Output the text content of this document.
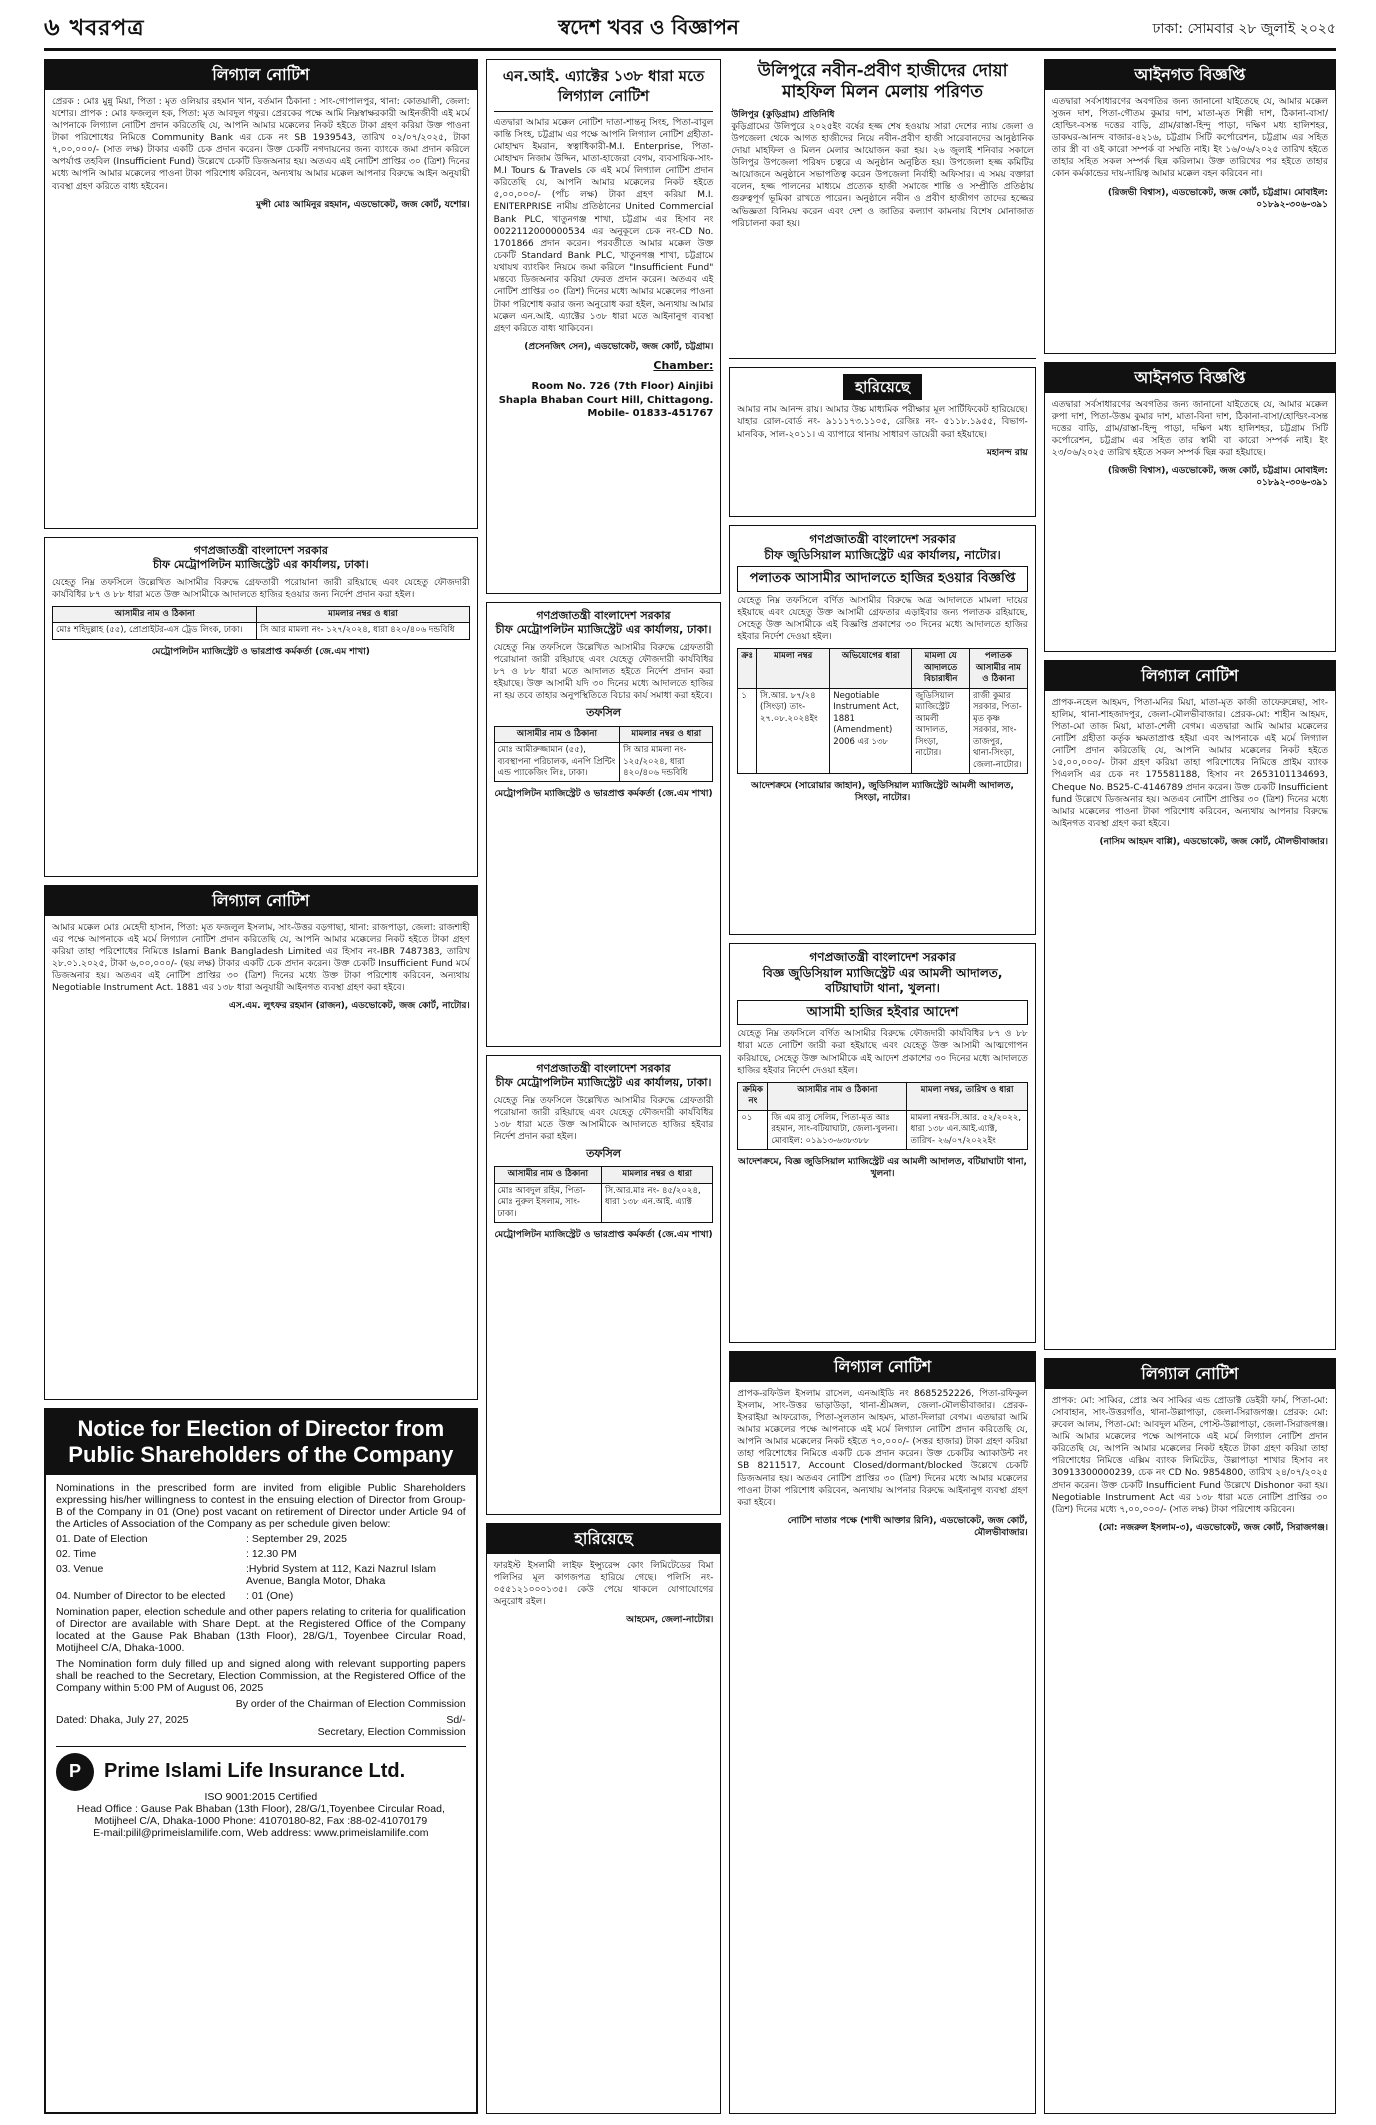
৬ খবরপত্র	স্বদেশ খবর ও বিজ্ঞাপন	ঢাকা: সোমবার ২৮ জুলাই ২০২৫
লিগ্যাল নোটিশ
প্রেরক : মোঃ মুন্নু মিয়া, পিতা : মৃত ওলিয়ার রহমান খান, বর্তমান ঠিকানা : সাং-গোপালপুর, থানা: কোতয়ালী, জেলা: যশোর। প্রাপক : মোঃ ফজলুল হক, পিতা: মৃত আবদুল গফুর। প্রেরকের পক্ষে আমি নিম্নস্বাক্ষরকারী আইনজীবী এই মর্মে আপনাকে লিগ্যাল নোটিশ প্রদান করিতেছি যে, আপনি আমার মক্কেলের নিকট হইতে টাকা গ্রহণ করিয়া উক্ত পাওনা টাকা পরিশোধের নিমিত্তে Community Bank এর চেক নং SB 1939543, তারিখ ০২/০৭/২০২৫, টাকা ৭,০০,০০০/- (সাত লক্ষ) টাকার একটি চেক প্রদান করেন। উক্ত চেকটি নগদায়নের জন্য ব্যাংকে জমা প্রদান করিলে অপর্যাপ্ত তহবিল (Insufficient Fund) উল্লেখে চেকটি ডিজঅনার হয়। অতএব এই নোটিশ প্রাপ্তির ৩০ (ত্রিশ) দিনের মধ্যে আপনি আমার মক্কেলের পাওনা টাকা পরিশোধ করিবেন, অন্যথায় আমার মক্কেল আপনার বিরুদ্ধে আইন অনুযায়ী ব্যবস্থা গ্রহণ করিতে বাধ্য হইবেন।
মুন্সী মোঃ আমিনুর রহমান, এডভোকেট, জজ কোর্ট, যশোর।
গণপ্রজাতন্ত্রী বাংলাদেশ সরকার
চীফ মেট্রোপলিটন ম্যাজিস্ট্রেট এর কার্যালয়, ঢাকা।
যেহেতু নিম্ন তফসিলে উল্লেখিত আসামীর বিরুদ্ধে গ্রেফতারী পরোয়ানা জারী রহিয়াছে এবং যেহেতু ফৌজদারী কার্যবিধির ৮৭ ও ৮৮ ধারা মতে উক্ত আসামীকে আদালতে হাজির হওয়ার জন্য নির্দেশ প্রদান করা হইল।
আসামীর নাম ও ঠিকানা	মামলার নম্বর ও ধারা
মোঃ শহিদুল্লাহ (৫৫), প্রোপ্রাইটর-এস ট্রেড লিংক, ঢাকা।	সি আর মামলা নং- ১২৭/২০২৪, ধারা ৪২০/৪০৬ দন্ডবিধি
মেট্রোপলিটন ম্যাজিস্ট্রেট ও ভারপ্রাপ্ত কর্মকর্তা (জে.এম শাখা)
লিগ্যাল নোটিশ
আমার মক্কেল মোঃ মেহেদী হাসান, পিতা: মৃত ফজলুল ইসলাম, সাং-উত্তর বড়গাছা, থানা: রাজপাড়া, জেলা: রাজশাহী এর পক্ষে আপনাকে এই মর্মে লিগ্যাল নোটিশ প্রদান করিতেছি যে, আপনি আমার মক্কেলের নিকট হইতে টাকা গ্রহণ করিয়া তাহা পরিশোধের নিমিত্তে Islami Bank Bangladesh Limited এর হিসাব নং-IBR 7487383, তারিখ ২৮.০১.২০২৫, টাকা ৬,০০,০০০/- (ছয় লক্ষ) টাকার একটি চেক প্রদান করেন। উক্ত চেকটি Insufficient Fund মর্মে ডিজঅনার হয়। অতএব এই নোটিশ প্রাপ্তির ৩০ (ত্রিশ) দিনের মধ্যে উক্ত টাকা পরিশোধ করিবেন, অন্যথায় Negotiable Instrument Act. 1881 এর ১৩৮ ধারা অনুযায়ী আইনগত ব্যবস্থা গ্রহণ করা হইবে।
এস.এম. লুৎফর রহমান (রাজন), এডভোকেট, জজ কোর্ট, নাটোর।
Notice for Election of Director from Public Shareholders of the Company
Nominations in the prescribed form are invited from eligible Public Shareholders expressing his/her willingness to contest in the ensuing election of Director from Group-B of the Company in 01 (One) post vacant on retirement of Director under Article 94 of the Articles of Association of the Company as per schedule given below:
01. Date of Election	: September 29, 2025
02. Time	: 12.30 PM
03. Venue	:Hybrid System at 112, Kazi Nazrul Islam Avenue, Bangla Motor, Dhaka
04. Number of Director to be elected	: 01 (One)
Nomination paper, election schedule and other papers relating to criteria for qualification of Director are available with Share Dept. at the Registered Office of the Company located at the Gause Pak Bhaban (13th Floor), 28/G/1, Toyenbee Circular Road, Motijheel C/A, Dhaka-1000.
The Nomination form duly filled up and signed along with relevant supporting papers shall be reached to the Secretary, Election Commission, at the Registered Office of the Company within 5:00 PM of August 06, 2025
By order of the Chairman of Election Commission
Dated: Dhaka, July 27, 2025	Sd/-
Secretary, Election Commission
P	Prime Islami Life Insurance Ltd.
ISO 9001:2015 Certified
Head Office : Gause Pak Bhaban (13th Floor), 28/G/1,Toyenbee Circular Road, Motijheel C/A, Dhaka-1000 Phone: 41070180-82, Fax :88-02-41070179
E-mail:pilil@primeislamilife.com, Web address: www.primeislamilife.com
এন.আই. এ্যাক্টের ১৩৮ ধারা মতে লিগ্যাল নোটিশ
এতদ্বারা আমার মক্কেল নোটিশ দাতা-শান্তনু সিংহ, পিতা-বাবুল কান্তি সিংহ, চট্টগ্রাম এর পক্ষে আপনি লিগ্যাল নোটিশ গ্রহীতা-মোহাম্মদ ইমরান, স্বত্বাধিকারী-M.I. Enterprise, পিতা-মোহাম্মদ নিজাম উদ্দিন, মাতা-হাজেরা বেগম, ব্যবসায়িক-সাং-M.I Tours & Travels কে এই মর্মে লিগ্যাল নোটিশ প্রদান করিতেছি যে, আপনি আমার মক্কেলের নিকট হইতে ৫,০০,০০০/- (পাঁচ লক্ষ) টাকা গ্রহণ করিয়া M.I. ENITERPRISE নামীয় প্রতিষ্ঠানের United Commercial Bank PLC, খাতুনগঞ্জ শাখা, চট্টগ্রাম এর হিসাব নং 0022112000000534 এর অনুকূলে চেক নং-CD No. 1701866 প্রদান করেন। পরবর্তীতে আমার মক্কেল উক্ত চেকটি Standard Bank PLC, খাতুনগঞ্জ শাখা, চট্টগ্রামে যথাযথ ব্যাংকিং নিয়মে জমা করিলে "Insufficient Fund" মন্তব্যে ডিজঅনার করিয়া ফেরত প্রদান করেন। অতএব এই নোটিশ প্রাপ্তির ৩০ (ত্রিশ) দিনের মধ্যে আমার মক্কেলের পাওনা টাকা পরিশোধ করার জন্য অনুরোধ করা হইল, অন্যথায় আমার মক্কেল এন.আই. এ্যাক্টের ১৩৮ ধারা মতে আইনানুগ ব্যবস্থা গ্রহণ করিতে বাধ্য থাকিবেন।
(প্রসেনজিৎ সেন), এডভোকেট, জজ কোর্ট, চট্টগ্রাম।
Chamber:
Room No. 726 (7th Floor) Ainjibi Shapla Bhaban Court Hill, Chittagong. Mobile- 01833-451767
গণপ্রজাতন্ত্রী বাংলাদেশ সরকার
চীফ মেট্রোপলিটন ম্যাজিস্ট্রেট এর কার্যালয়, ঢাকা।
যেহেতু নিম্ন তফসিলে উল্লেখিত আসামীর বিরুদ্ধে গ্রেফতারী পরোয়ানা জারী রহিয়াছে এবং যেহেতু ফৌজদারী কার্যবিধির ৮৭ ও ৮৮ ধারা মতে আদালত হইতে নির্দেশ প্রদান করা হইয়াছে। উক্ত আসামী যদি ৩০ দিনের মধ্যে আদালতে হাজির না হয় তবে তাহার অনুপস্থিতিতে বিচার কার্য সমাধা করা হইবে।
তফসিল
আসামীর নাম ও ঠিকানা	মামলার নম্বর ও ধারা
মোঃ আমীরুজ্জামান (৫৫), ব্যবস্থাপনা পরিচালক, এনপি প্রিন্টিং এন্ড প্যাকেজিং লিঃ, ঢাকা।	সি আর মামলা নং- ১২৫/২০২৪, ধারা ৪২০/৪০৬ দন্ডবিধি
মেট্রোপলিটন ম্যাজিস্ট্রেট ও ভারপ্রাপ্ত কর্মকর্তা (জে.এম শাখা)
গণপ্রজাতন্ত্রী বাংলাদেশ সরকার
চীফ মেট্রোপলিটন ম্যাজিস্ট্রেট এর কার্যালয়, ঢাকা।
যেহেতু নিম্ন তফসিলে উল্লেখিত আসামীর বিরুদ্ধে গ্রেফতারী পরোয়ানা জারী রহিয়াছে এবং যেহেতু ফৌজদারী কার্যবিধির ১৩৮ ধারা মতে উক্ত আসামীকে আদালতে হাজির হইবার নির্দেশ প্রদান করা হইল।
তফসিল
আসামীর নাম ও ঠিকানা	মামলার নম্বর ও ধারা
মোঃ আবদুল রহিম, পিতা-মোঃ নুরুল ইসলাম, সাং-ঢাকা।	সি.আর.মাঃ নং- ৪৫/২০২৪, ধারা ১৩৮ এন.আই. এ্যাক্ট
মেট্রোপলিটন ম্যাজিস্ট্রেট ও ভারপ্রাপ্ত কর্মকর্তা (জে.এম শাখা)
হারিয়েছে
ফারইস্ট ইসলামী লাইফ ইন্স্যুরেন্স কোং লিমিটেডের বিমা পলিসির মূল কাগজপত্র হারিয়ে গেছে। পলিসি নং- ০৫৫১২১০০০১৩৫। কেউ পেয়ে থাকলে যোগাযোগের অনুরোধ রইল।
আহমেদ, জেলা-নাটোর।
উলিপুরে নবীন-প্রবীণ হাজীদের দোয়া মাহফিল মিলন মেলায় পরিণত
উলিপুর (কুড়িগ্রাম) প্রতিনিধি
কুড়িগ্রামের উলিপুরে ২০২৫ইং বর্ষের হজ্জ শেষ হওয়ায় সারা দেশের ন্যায় জেলা ও উপজেলা থেকে আগত হাজীদের নিয়ে নবীন-প্রবীণ হাজী সারেবানদের আনুষ্ঠানিক দোয়া মাহফিল ও মিলন মেলার আয়োজন করা হয়। ২৬ জুলাই শনিবার সকালে উলিপুর উপজেলা পরিষদ চত্বরে এ অনুষ্ঠান অনুষ্ঠিত হয়। উপজেলা হজ্জ কমিটির আয়োজনে অনুষ্ঠানে সভাপতিত্ব করেন উপজেলা নির্বাহী অফিসার। এ সময় বক্তারা বলেন, হজ্জ পালনের মাধ্যমে প্রত্যেক হাজী সমাজে শান্তি ও সম্প্রীতি প্রতিষ্ঠায় গুরুত্বপূর্ণ ভূমিকা রাখতে পারেন। অনুষ্ঠানে নবীন ও প্রবীণ হাজীগণ তাদের হজ্জের অভিজ্ঞতা বিনিময় করেন এবং দেশ ও জাতির কল্যাণ কামনায় বিশেষ মোনাজাত পরিচালনা করা হয়।
হারিয়েছে
আমার নাম আনন্দ রায়। আমার উচ্চ মাধ্যমিক পরীক্ষার মূল সার্টিফিকেট হারিয়েছে। যাহার রোল-বোর্ড নং- ৯১১১৭৩.১১০৫, রেজিঃ নং- ৫১১৮.১৯৫৫, বিভাগ-মানবিক, সাল-২০১১। এ ব্যাপারে থানায় সাধারণ ডায়েরী করা হইয়াছে।
মহানন্দ রায়
গণপ্রজাতন্ত্রী বাংলাদেশ সরকার
চীফ জুডিসিয়াল ম্যাজিস্ট্রেট এর কার্যালয়, নাটোর।
পলাতক আসামীর আদালতে হাজির হওয়ার বিজ্ঞপ্তি
যেহেতু নিম্ন তফসিলে বর্ণিত আসামীর বিরুদ্ধে অত্র আদালতে মামলা দায়ের হইয়াছে এবং যেহেতু উক্ত আসামী গ্রেফতার এড়াইবার জন্য পলাতক রহিয়াছে, সেহেতু উক্ত আসামীকে এই বিজ্ঞপ্তি প্রকাশের ৩০ দিনের মধ্যে আদালতে হাজির হইবার নির্দেশ দেওয়া হইল।
ক্রঃ	মামলা নম্বর	অভিযোগের ধারা	মামলা যে আদালতে বিচারাধীন	পলাতক আসামীর নাম ও ঠিকানা
১	সি.আর. ৮৭/২৪ (সিংড়া) তাং- ২৭.০৮.২০২৪ইং	Negotiable Instrument Act, 1881 (Amendment) 2006 এর ১৩৮	জুডিসিয়াল ম্যাজিস্ট্রেট আমলী আদালত, সিংড়া, নাটোর।	রাজী কুমার সরকার, পিতা-মৃত কৃষ্ণ সরকার, সাং-তাজপুর, থানা-সিংড়া, জেলা-নাটোর।
আদেশক্রমে (সারোয়ার জাহান), জুডিসিয়াল ম্যাজিস্ট্রেট আমলী আদালত, সিংড়া, নাটোর।
গণপ্রজাতন্ত্রী বাংলাদেশ সরকার
বিজ্ঞ জুডিসিয়াল ম্যাজিস্ট্রেট এর আমলী আদালত, বটিয়াঘাটা থানা, খুলনা।
আসামী হাজির হইবার আদেশ
যেহেতু নিম্ন তফসিলে বর্ণিত আসামীর বিরুদ্ধে ফৌজদারী কার্যবিধির ৮৭ ও ৮৮ ধারা মতে নোটিশ জারী করা হইয়াছে এবং যেহেতু উক্ত আসামী আত্মগোপন করিয়াছে, সেহেতু উক্ত আসামীকে এই আদেশ প্রকাশের ৩০ দিনের মধ্যে আদালতে হাজির হইবার নির্দেশ দেওয়া হইল।
ক্রমিক নং	আসামীর নাম ও ঠিকানা	মামলা নম্বর, তারিখ ও ধারা
০১	জি এম রাসু সেলিম, পিতা-মৃত আঃ রহমান, সাং-বটিয়াঘাটা, জেলা-খুলনা। মোবাইল: ০১৯১৩-৬৩৮৩৮৮	মামলা নম্বর-সি.আর. ৫২/২০২২, ধারা ১৩৮ এন.আই.এ্যাক্ট, তারিখ- ২৬/০৭/২০২২ইং
আদেশক্রমে, বিজ্ঞ জুডিসিয়াল ম্যাজিস্ট্রেট এর আমলী আদালত, বটিয়াঘাটা থানা, খুলনা।
লিগ্যাল নোটিশ
প্রাপক-রফিউল ইসলাম রাসেল, এনআইডি নং 8685252226, পিতা-রফিকুল ইসলাম, সাং-উত্তর ভাড়াউড়া, থানা-শ্রীমঙ্গল, জেলা-মৌলভীবাজার। প্রেরক-ইসরাইয়া আফরোজ, পিতা-সুলতান আহমদ, মাতা-দিলারা বেগম। এতদ্বারা আমি আমার মক্কেলের পক্ষে আপনাকে এই মর্মে লিগ্যাল নোটিশ প্রদান করিতেছি যে, আপনি আমার মক্কেলের নিকট হইতে ৭০,০০০/- (সত্তর হাজার) টাকা গ্রহণ করিয়া তাহা পরিশোধের নিমিত্তে একটি চেক প্রদান করেন। উক্ত চেকটির অ্যাকাউন্ট নং SB 8211517, Account Closed/dormant/blocked উল্লেখে চেকটি ডিজঅনার হয়। অতএব নোটিশ প্রাপ্তির ৩০ (ত্রিশ) দিনের মধ্যে আমার মক্কেলের পাওনা টাকা পরিশোধ করিবেন, অন্যথায় আপনার বিরুদ্ধে আইনানুগ ব্যবস্থা গ্রহণ করা হইবে।
নোটিশ দাতার পক্ষে (শাখী আক্তার রিনি), এডভোকেট, জজ কোর্ট, মৌলভীবাজার।
আইনগত বিজ্ঞপ্তি
এতদ্বারা সর্বসাধারণের অবগতির জন্য জানানো যাইতেছে যে, আমার মক্কেল সুজন দাশ, পিতা-গৌতম কুমার দাশ, মাতা-মৃত শিল্পী দাশ, ঠিকানা-বাসা/হোল্ডিং-বসন্ত দত্তের বাড়ি, গ্রাম/রাস্তা-হিন্দু পাড়া, দক্ষিণ মধ্য হালিশহর, ডাকঘর-আনন্দ বাজার-৪২১৬, চট্টগ্রাম সিটি কর্পোরেশন, চট্টগ্রাম এর সহিত তার স্ত্রী বা ওই কারো সম্পর্ক বা সম্মতি নাই। ইং ১৬/০৬/২০২৫ তারিখ হইতে তাহার সহিত সকল সম্পর্ক ছিন্ন করিলাম। উক্ত তারিখের পর হইতে তাহার কোন কর্মকান্ডের দায়-দায়িত্ব আমার মক্কেল বহন করিবেন না।
(রিজভী বিশ্বাস), এডভোকেট, জজ কোর্ট, চট্টগ্রাম। মোবাইল: ০১৮৯২-৩০৬-৩৯১
আইনগত বিজ্ঞপ্তি
এতদ্বারা সর্বসাধারণের অবগতির জন্য জানানো যাইতেছে যে, আমার মক্কেল রুপা দাশ, পিতা-উত্তম কুমার দাশ, মাতা-বিনা দাশ, ঠিকানা-বাসা/হোল্ডিং-বসন্ত দত্তের বাড়ি, গ্রাম/রাস্তা-হিন্দু পাড়া, দক্ষিণ মধ্য হালিশহর, চট্টগ্রাম সিটি কর্পোরেশন, চট্টগ্রাম এর সহিত তার স্বামী বা কারো সম্পর্ক নাই। ইং ২৩/০৬/২০২৫ তারিখ হইতে সকল সম্পর্ক ছিন্ন করা হইয়াছে।
(রিজভী বিশ্বাস), এডভোকেট, জজ কোর্ট, চট্টগ্রাম। মোবাইল: ০১৮৯২-৩০৬-৩৯১
লিগ্যাল নোটিশ
প্রাপক-নহেল আহমদ, পিতা-মনির মিয়া, মাতা-মৃত কাজী তাফেরুন্নেছা, সাং-হালিম, থানা-শাহজাদপুর, জেলা-মৌলভীবাজার। প্রেরক-মো: শাহীন আহমদ, পিতা-মো তাজ মিয়া, মাতা-শেলী বেগম। এতদ্বারা আমি আমার মক্কেলের নোটিশ গ্রহীতা কর্তৃক ক্ষমতাপ্রাপ্ত হইয়া এবং আপনাকে এই মর্মে লিগ্যাল নোটিশ প্রদান করিতেছি যে, আপনি আমার মক্কেলের নিকট হইতে ১৫,০০,০০০/- টাকা গ্রহণ করিয়া তাহা পরিশোধের নিমিত্তে প্রাইম ব্যাংক পিএলসি এর চেক নং 175581188, হিসাব নং 2653101134693, Cheque No. BS25-C-4146789 প্রদান করেন। উক্ত চেকটি Insufficient fund উল্লেখে ডিজঅনার হয়। অতএব নোটিশ প্রাপ্তির ৩০ (ত্রিশ) দিনের মধ্যে আমার মক্কেলের পাওনা টাকা পরিশোধ করিবেন, অন্যথায় আপনার বিরুদ্ধে আইনগত ব্যবস্থা গ্রহণ করা হইবে।
(নাসিম আহমদ বাপ্পি), এডভোকেট, জজ কোর্ট, মৌলভীবাজার।
লিগ্যাল নোটিশ
প্রাপক: মো: সাব্বির, প্রোঃ অব সাব্বির এন্ড প্রোডাক্ট ডেইরী ফার্ম, পিতা-মো: সোবাহান, সাং-উত্তরগাঁও, থানা-উল্লাপাড়া, জেলা-সিরাজগঞ্জ। প্রেরক: মো: রুবেল আলম, পিতা-মো: আবদুল মতিন, পোস্ট-উল্লাপাড়া, জেলা-সিরাজগঞ্জ। আমি আমার মক্কেলের পক্ষে আপনাকে এই মর্মে লিগ্যাল নোটিশ প্রদান করিতেছি যে, আপনি আমার মক্কেলের নিকট হইতে টাকা গ্রহণ করিয়া তাহা পরিশোধের নিমিত্তে এক্সিম ব্যাংক লিমিটেড, উল্লাপাড়া শাখার হিসাব নং 30913300000239, চেক নং CD No. 9854800, তারিখ ২৪/০৭/২০২৫ প্রদান করেন। উক্ত চেকটি Insufficient Fund উল্লেখে Dishonor করা হয়। Negotiable Instrument Act এর ১৩৮ ধারা মতে নোটিশ প্রাপ্তির ৩০ (ত্রিশ) দিনের মধ্যে ৭,০০,০০০/- (সাত লক্ষ) টাকা পরিশোধ করিবেন।
(মো: নজরুল ইসলাম-৩), এডভোকেট, জজ কোর্ট, সিরাজগঞ্জ।
